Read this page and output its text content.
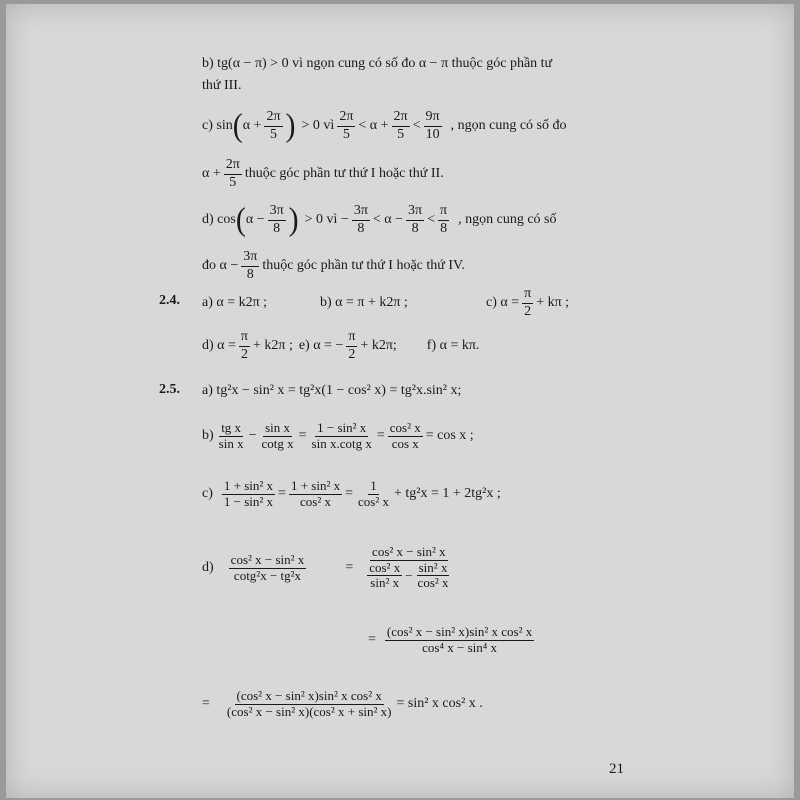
b) tg(α − π) > 0 vì ngọn cung có số đo α − π thuộc góc phần tư
thứ III.
c) sin ( $\alpha + \frac{2\pi}{5}$ ) > 0 vì $\frac{2\pi}{5} < \alpha + \frac{2\pi}{5} < \frac{9\pi}{10}$ , ngọn cung có số đo
$\alpha + \frac{2\pi}{5}$ thuộc góc phần tư thứ I hoặc thứ II.
d) cos ( $\alpha - \frac{3\pi}{8}$ ) > 0 vì − $\frac{3\pi}{8} < \alpha - \frac{3\pi}{8} < \frac{\pi}{8}$ , ngọn cung có số
đo $\alpha - \frac{3\pi}{8}$ thuộc góc phần tư thứ I hoặc thứ IV.
2.4. a) α = k2π ;	b) α = π + k2π ;	c) $\alpha = \frac{\pi}{2} + k\pi$ ;
d) $\alpha = \frac{\pi}{2} + k2\pi$ ; e) α = − $\frac{\pi}{2} + k2\pi$; f) α = kπ.
2.5. a) tg²x − sin² x = tg²x(1 − cos² x) = tg²x.sin² x;
$b) \frac{\text{tg x}}{\text{sin x}} - \frac{\text{sin x}}{\text{cotg x}} = \frac{\text{1 − sin² x}}{\text{sin x.cotg x}} = \frac{\text{cos² x}}{\text{cos x}} = \cos x$ ;
$c) \frac{\text{1 + sin² x}}{\text{1 − sin² x}} = \frac{\text{1 + sin² x}}{\text{cos² x}} = \frac{1}{\text{cos² x}} + tg^2x = 1 + 2tg^2x$ ;
$d) \frac{\text{cos² x − sin² x}}{\text{cotg²x − tg²x}}$	= $\frac{\text{cos² x − sin² x}}{\frac{\text{cos² x}}{\text{sin² x}} - \frac{\text{sin² x}}{\text{cos² x}}}$
= $\frac{\text{(cos² x − sin² x)sin² x cos² x}}{\text{cos⁴ x − sin⁴ x}}$
= $\frac{\text{(cos² x − sin² x)sin² x cos² x}}{\text{(cos² x − sin² x)(cos² x + sin² x)}} = \sin^2$ x cos² x .
21
